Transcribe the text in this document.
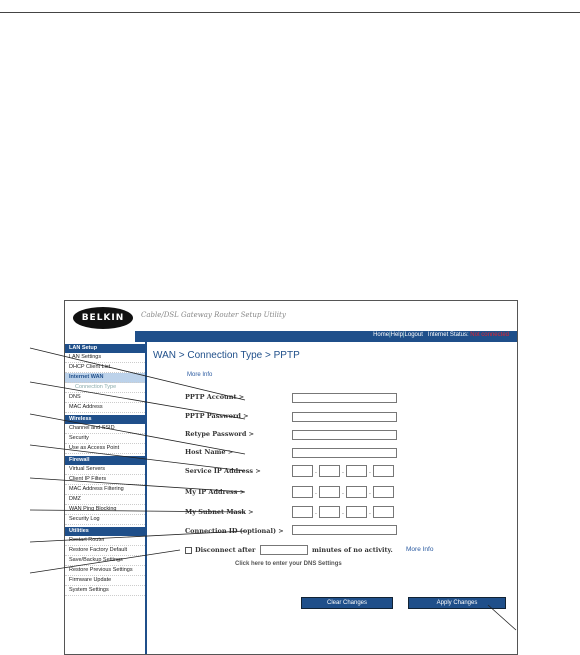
BELKIN	Cable/DSL Gateway Router Setup Utility
Home|Help|Logout Internet Status: Not connected
LAN Setup
LAN Settings
DHCP Client List
Internet WAN
Connection Type
DNS
MAC Address
Wireless
Channel and SSID
Security
Use as Access Point
Firewall
Virtual Servers
Client IP Filters
MAC Address Filtering
DMZ
WAN Ping Blocking
Security Log
Utilities
Restart Router
Restore Factory Default
Save/Backup Settings
Restore Previous Settings
Firmware Update
System Settings
WAN > Connection Type > PPTP
More Info
PPTP Account >
PPTP Password >
Retype Password >
Host Name >
Service IP Address >	.	.	.
My IP Address >	.	.	.
My Subnet Mask >	.	.	.
Connection ID (optional) >
Disconnect after	minutes of no activity. More Info
Click here to enter your DNS Settings
Clear Changes	Apply Changes
